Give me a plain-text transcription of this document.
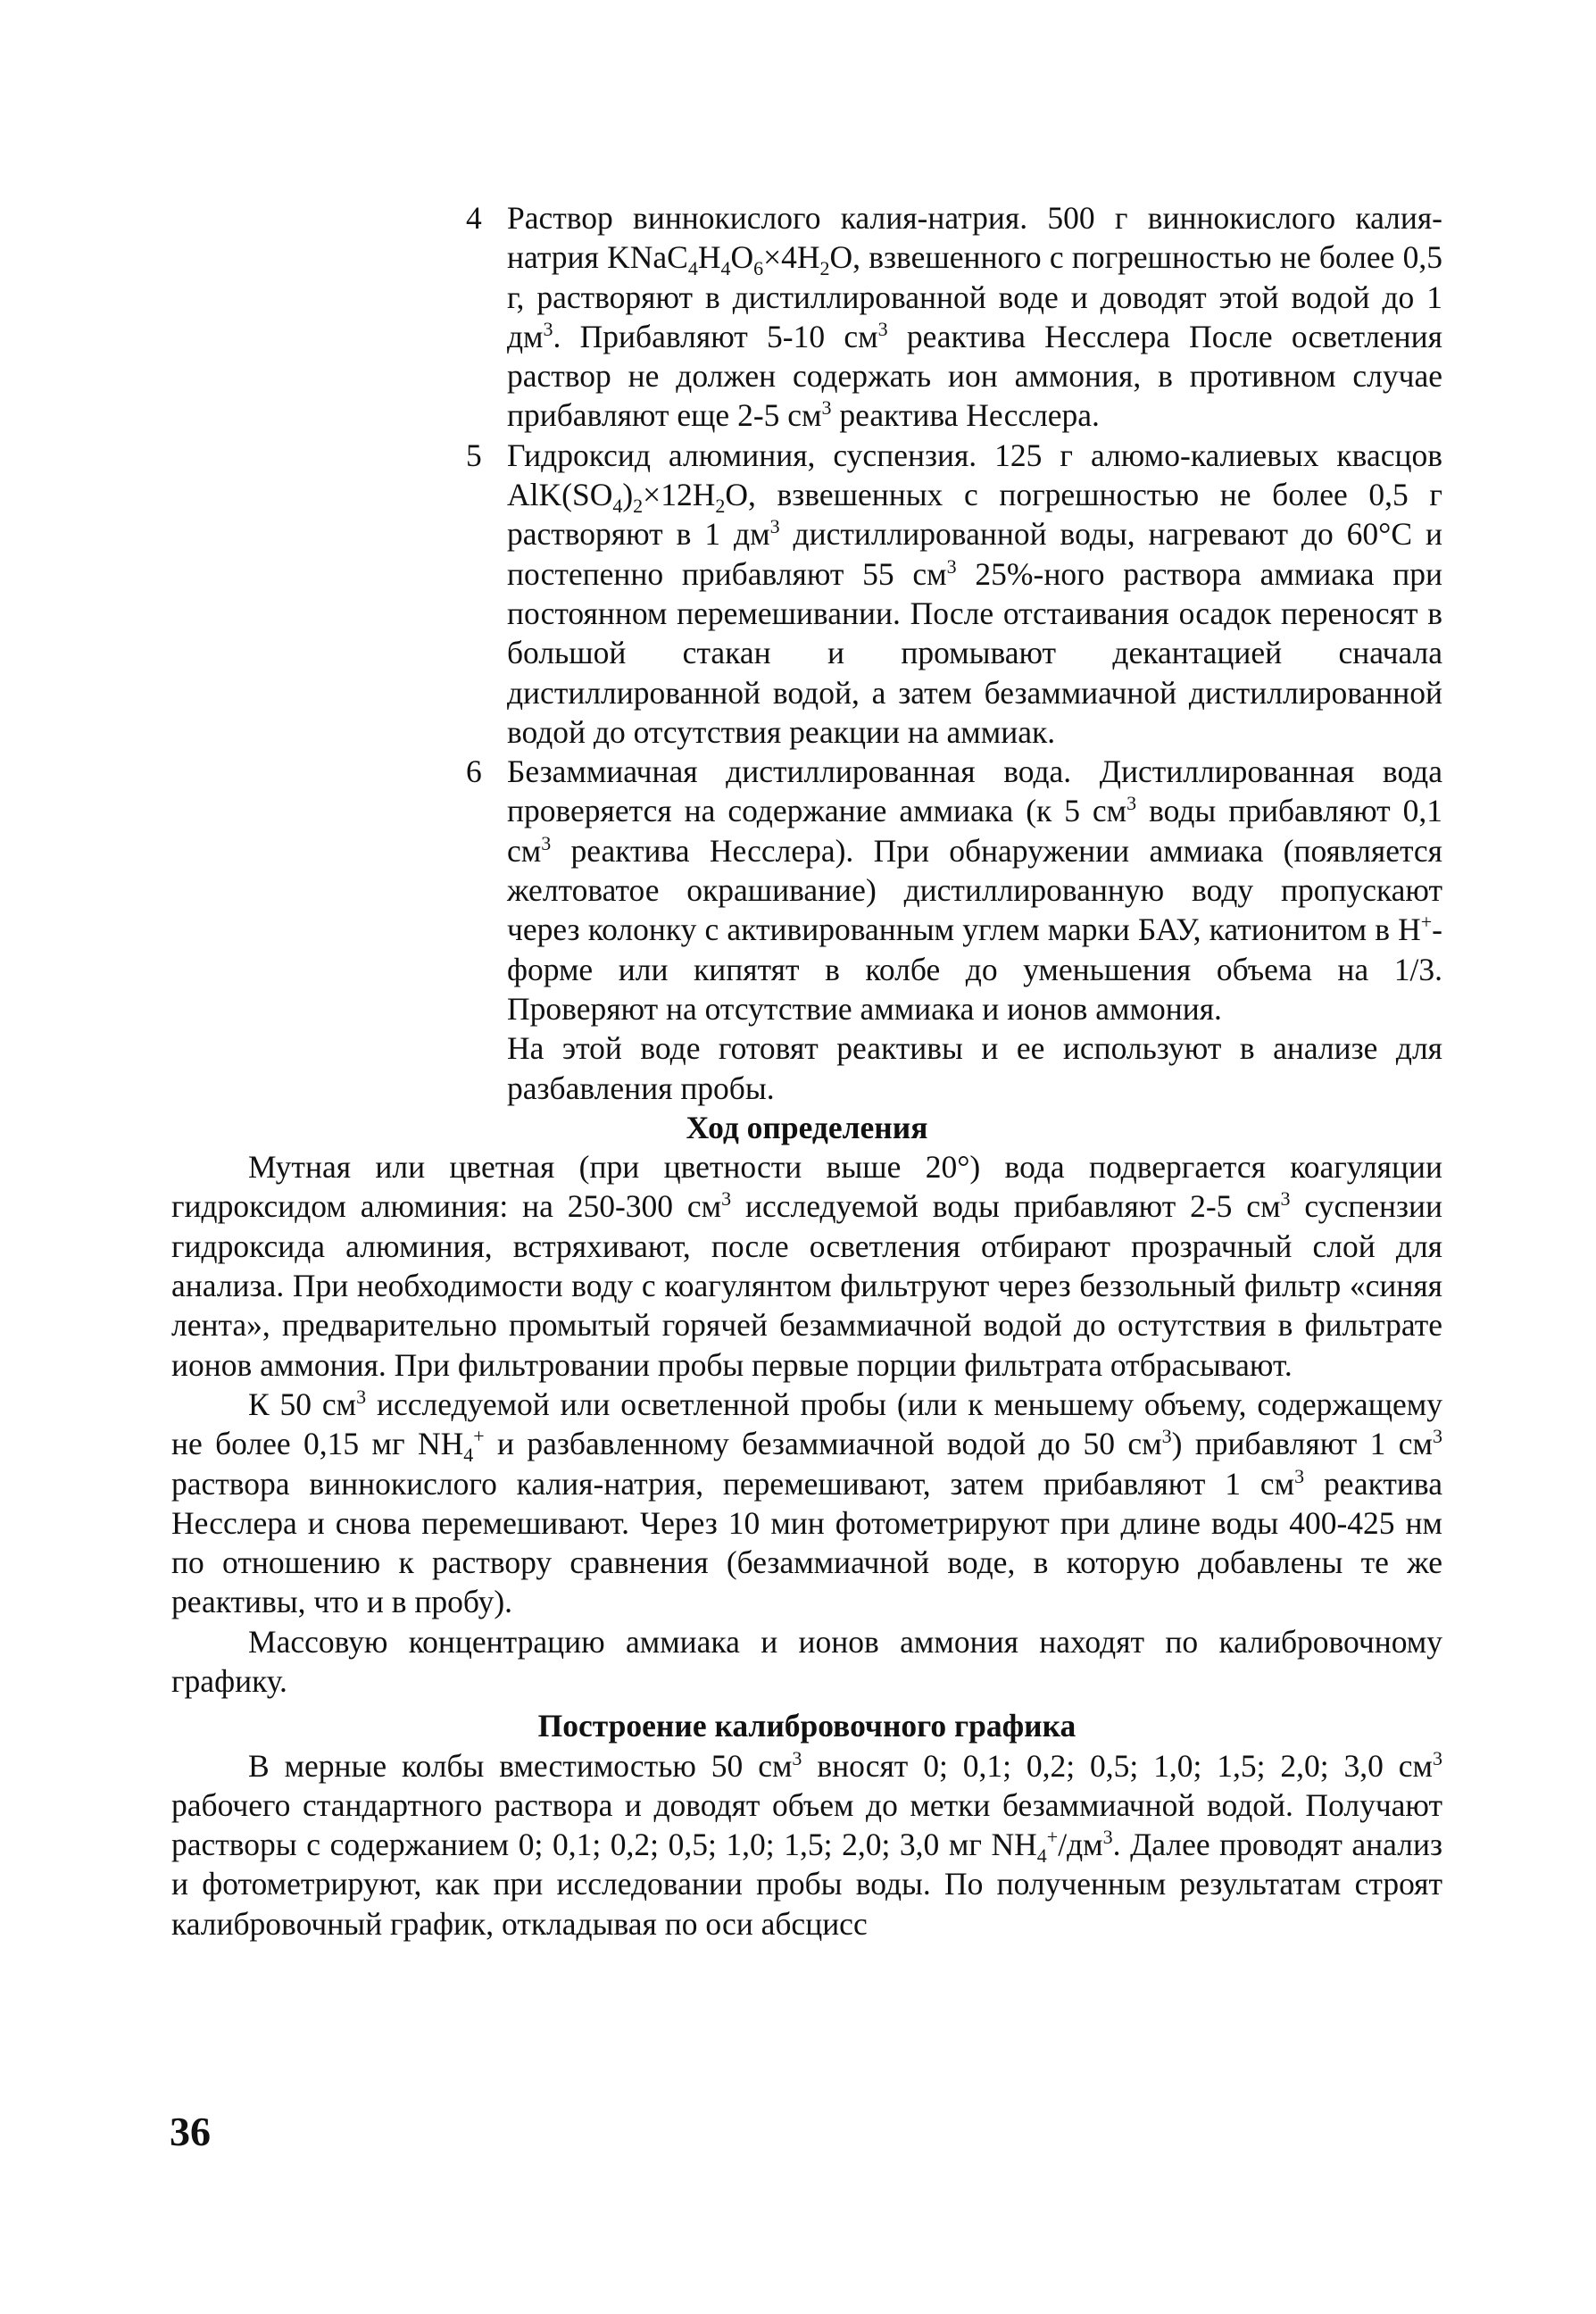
4 Раствор виннокислого калия-натрия. 500 г виннокислого калия-натрия $KNaC_4H_4O_6\times 4H_2O$, взвешенного с погрешностью не более 0,5 г, растворяют в дистиллированной воде и доводят этой водой до 1 $дм^3$. Прибавляют 5-10 $см^3$ реактива Несслера После осветления раствор не должен содержать ион аммония, в противном случае прибавляют еще 2-5 $см^3$ реактива Несслера.
5 Гидроксид алюминия, суспензия. 125 г алюмо-калиевых квасцов $AlK(SO_4)_2\times 12H_2O$, взвешенных с погрешностью не более 0,5 г растворяют в 1 $дм^3$ дистиллированной воды, нагревают до 60°С и постепенно прибавляют 55 $см^3$ 25%-ного раствора аммиака при постоянном перемешивании. После отстаивания осадок переносят в большой стакан и промывают декантацией сначала дистиллированной водой, а затем безаммиачной дистиллированной водой до отсутствия реакции на аммиак.
6 Безаммиачная дистиллированная вода. Дистиллированная вода проверяется на содержание аммиака (к 5 $см^3$ воды прибавляют 0,1 $см^3$ реактива Несслера). При обнаружении аммиака (появляется желтоватое окрашивание) дистиллированную воду пропускают через колонку с активированным углем марки БАУ, катионитом в H+-форме или кипятят в колбе до уменьшения объема на 1/3. Проверяют на отсутствие аммиака и ионов аммония.

На этой воде готовят реактивы и ее используют в анализе для разбавления пробы.

Ход определения

Мутная или цветная (при цветности выше 20°) вода подвергается коагуляции гидроксидом алюминия: на 250-300 $см^3$ исследуемой воды прибавляют 2-5 $см^3$ суспензии гидроксида алюминия, встряхивают, после осветления отбирают прозрачный слой для анализа. При необходимости воду с коагулянтом фильтруют через беззольный фильтр «синяя лента», предварительно промытый горячей безаммиачной водой до остутствия в фильтрате ионов аммония. При фильтровании пробы первые порции фильтрата отбрасывают.

К 50 $см^3$ исследуемой или осветленной пробы (или к меньшему объему, содержащему не более 0,15 мг $NH_4^+$ и разбавленному безаммиачной водой до 50 $см^3$) прибавляют 1 $см^3$ раствора виннокислого калия-натрия, перемешивают, затем прибавляют 1 $см^3$ реактива Несслера и снова перемешивают. Через 10 мин фотометрируют при длине воды 400-425 нм по отношению к раствору сравнения (безаммиачной воде, в которую добавлены те же реактивы, что и в пробу).

Массовую концентрацию аммиака и ионов аммония находят по калибровочному графику.

Построение калибровочного графика

В мерные колбы вместимостью 50 $см^3$ вносят 0; 0,1; 0,2; 0,5; 1,0; 1,5; 2,0; 3,0 $см^3$ рабочего стандартного раствора и доводят объем до метки безаммиачной водой. Получают растворы с содержанием 0; 0,1; 0,2; 0,5; 1,0; 1,5; 2,0; 3,0 мг $NH_4^+/дм^3$. Далее проводят анализ и фотометрируют, как при исследовании пробы воды. По полученным результатам строят калибровочный график, откладывая по оси абсцисс

36
